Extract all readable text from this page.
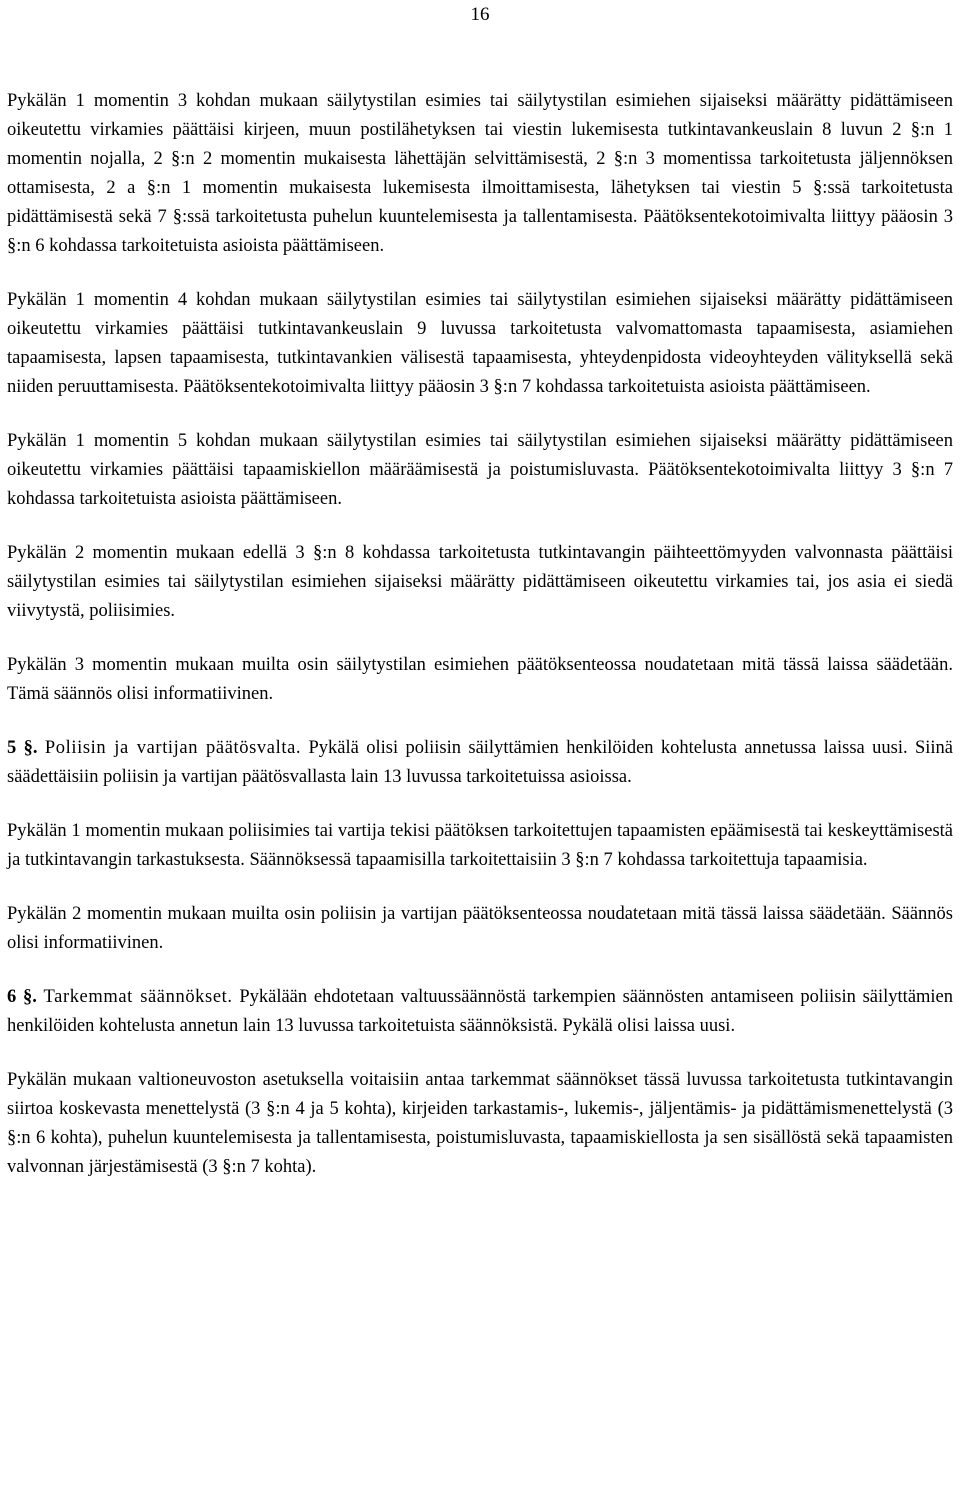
16

Pykälän 1 momentin 3 kohdan mukaan säilytystilan esimies tai säilytystilan esimiehen sijaiseksi määrätty pidättämiseen oikeutettu virkamies päättäisi kirjeen, muun postilähetyksen tai viestin lukemisesta tutkintavankeuslain 8 luvun 2 §:n 1 momentin nojalla, 2 §:n 2 momentin mukaisesta lähettäjän selvittämisestä, 2 §:n 3 momentissa tarkoitetusta jäljennöksen ottamisesta, 2 a §:n 1 momentin mukaisesta lukemisesta ilmoittamisesta, lähetyksen tai viestin 5 §:ssä tarkoitetusta pidättämisestä sekä 7 §:ssä tarkoitetusta puhelun kuuntelemisesta ja tallentamisesta. Päätöksentekotoimivalta liittyy pääosin 3 §:n 6 kohdassa tarkoitetuista asioista päättämiseen.

Pykälän 1 momentin 4 kohdan mukaan säilytystilan esimies tai säilytystilan esimiehen sijaiseksi määrätty pidättämiseen oikeutettu virkamies päättäisi tutkintavankeuslain 9 luvussa tarkoitetusta valvomattomasta tapaamisesta, asiamiehen tapaamisesta, lapsen tapaamisesta, tutkintavankien välisestä tapaamisesta, yhteydenpidosta videoyhteyden välityksellä sekä niiden peruuttamisesta. Päätöksentekotoimivalta liittyy pääosin 3 §:n 7 kohdassa tarkoitetuista asioista päättämiseen.

Pykälän 1 momentin 5 kohdan mukaan säilytystilan esimies tai säilytystilan esimiehen sijaiseksi määrätty pidättämiseen oikeutettu virkamies päättäisi tapaamiskiellon määräämisestä ja poistumisluvasta. Päätöksentekotoimivalta liittyy 3 §:n 7 kohdassa tarkoitetuista asioista päättämiseen.

Pykälän 2 momentin mukaan edellä 3 §:n 8 kohdassa tarkoitetusta tutkintavangin päihteettömyyden valvonnasta päättäisi säilytystilan esimies tai säilytystilan esimiehen sijaiseksi määrätty pidättämiseen oikeutettu virkamies tai, jos asia ei siedä viivytystä, poliisimies.

Pykälän 3 momentin mukaan muilta osin säilytystilan esimiehen päätöksenteossa noudatetaan mitä tässä laissa säädetään. Tämä säännös olisi informatiivinen.

5 §. Poliisin ja vartijan päätösvalta. Pykälä olisi poliisin säilyttämien henkilöiden kohtelusta annetussa laissa uusi. Siinä säädettäisiin poliisin ja vartijan päätösvallasta lain 13 luvussa tarkoitetuissa asioissa.

Pykälän 1 momentin mukaan poliisimies tai vartija tekisi päätöksen tarkoitettujen tapaamisten epäämisestä tai keskeyttämisestä ja tutkintavangin tarkastuksesta. Säännöksessä tapaamisilla tarkoitettaisiin 3 §:n 7 kohdassa tarkoitettuja tapaamisia.

Pykälän 2 momentin mukaan muilta osin poliisin ja vartijan päätöksenteossa noudatetaan mitä tässä laissa säädetään. Säännös olisi informatiivinen.

6 §. Tarkemmat säännökset. Pykälään ehdotetaan valtuussäännöstä tarkempien säännösten antamiseen poliisin säilyttämien henkilöiden kohtelusta annetun lain 13 luvussa tarkoitetuista säännöksistä. Pykälä olisi laissa uusi.

Pykälän mukaan valtioneuvoston asetuksella voitaisiin antaa tarkemmat säännökset tässä luvussa tarkoitetusta tutkintavangin siirtoa koskevasta menettelystä (3 §:n 4 ja 5 kohta), kirjeiden tarkastamis-, lukemis-, jäljentämis- ja pidättämismenettelystä (3 §:n 6 kohta), puhelun kuuntelemisesta ja tallentamisesta, poistumisluvasta, tapaamiskiellosta ja sen sisällöstä sekä tapaamisten valvonnan järjestämisestä (3 §:n 7 kohta).
